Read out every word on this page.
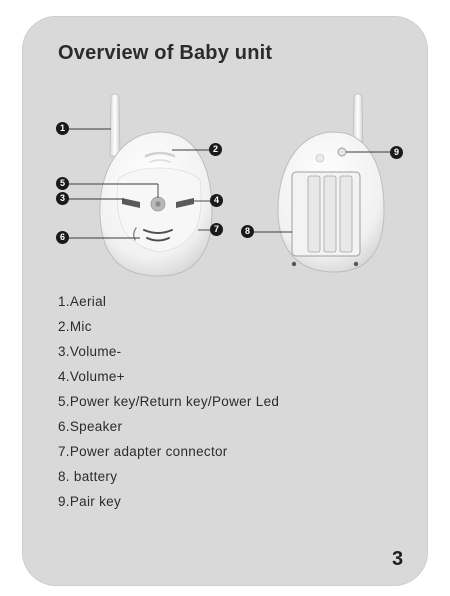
Overview of Baby unit
1
2
3	4
5
6
7	8
9
1.Aerial
2.Mic
3.Volume-
4.Volume+
5.Power key/Return key/Power Led
6.Speaker
7.Power adapter connector
8. battery
9.Pair key
3
